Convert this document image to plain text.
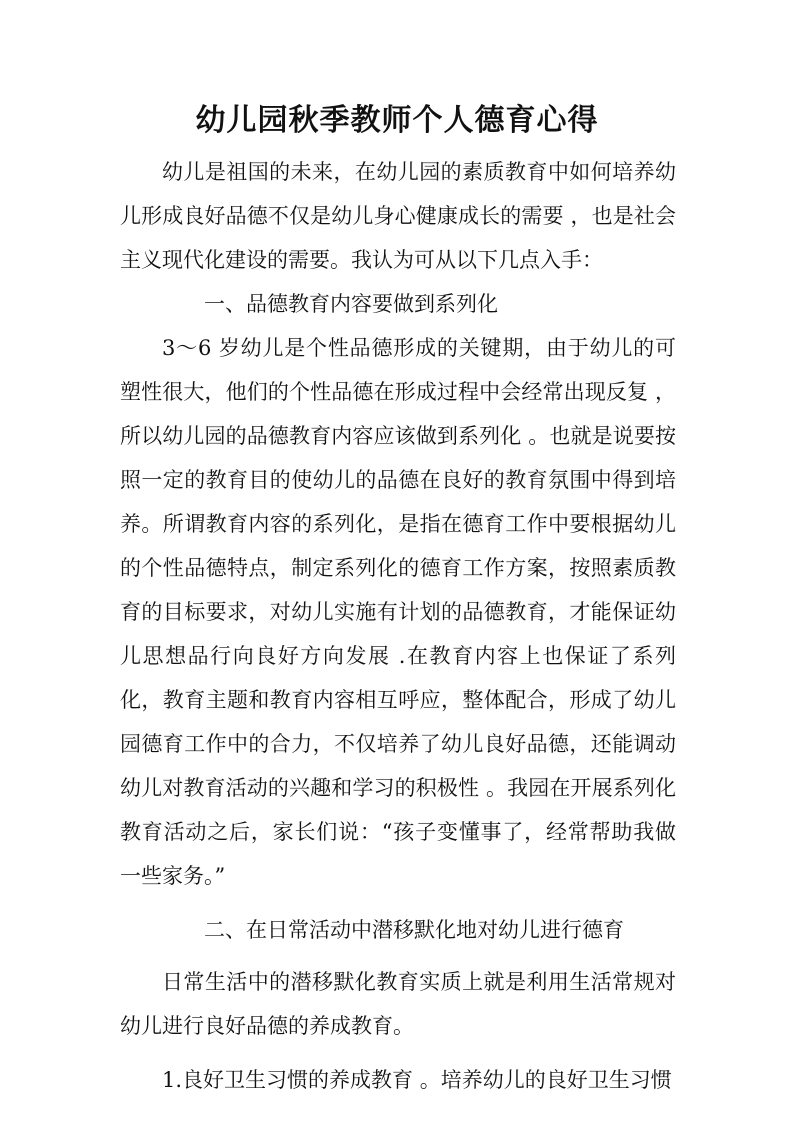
幼儿园秋季教师个人德育心得

幼儿是祖国的未来，在幼儿园的素质教育中如何培养幼儿形成良好品德不仅是幼儿身心健康成长的需要 ，也是社会主义现代化建设的需要。我认为可从以下几点入手：

一、品德教育内容要做到系列化

3～6 岁幼儿是个性品德形成的关键期，由于幼儿的可塑性很大，他们的个性品德在形成过程中会经常出现反复 ，所以幼儿园的品德教育内容应该做到系列化 。也就是说要按照一定的教育目的使幼儿的品德在良好的教育氛围中得到培养。所谓教育内容的系列化，是指在德育工作中要根据幼儿的个性品德特点，制定系列化的德育工作方案，按照素质教育的目标要求，对幼儿实施有计划的品德教育，才能保证幼儿思想品行向良好方向发展 .在教育内容上也保证了系列化，教育主题和教育内容相互呼应，整体配合，形成了幼儿园德育工作中的合力，不仅培养了幼儿良好品德，还能调动幼儿对教育活动的兴趣和学习的积极性 。我园在开展系列化教育活动之后，家长们说：“孩子变懂事了，经常帮助我做一些家务。”

二、在日常活动中潜移默化地对幼儿进行德育

日常生活中的潜移默化教育实质上就是利用生活常规对幼儿进行良好品德的养成教育。

1.良好卫生习惯的养成教育 。培养幼儿的良好卫生习惯
